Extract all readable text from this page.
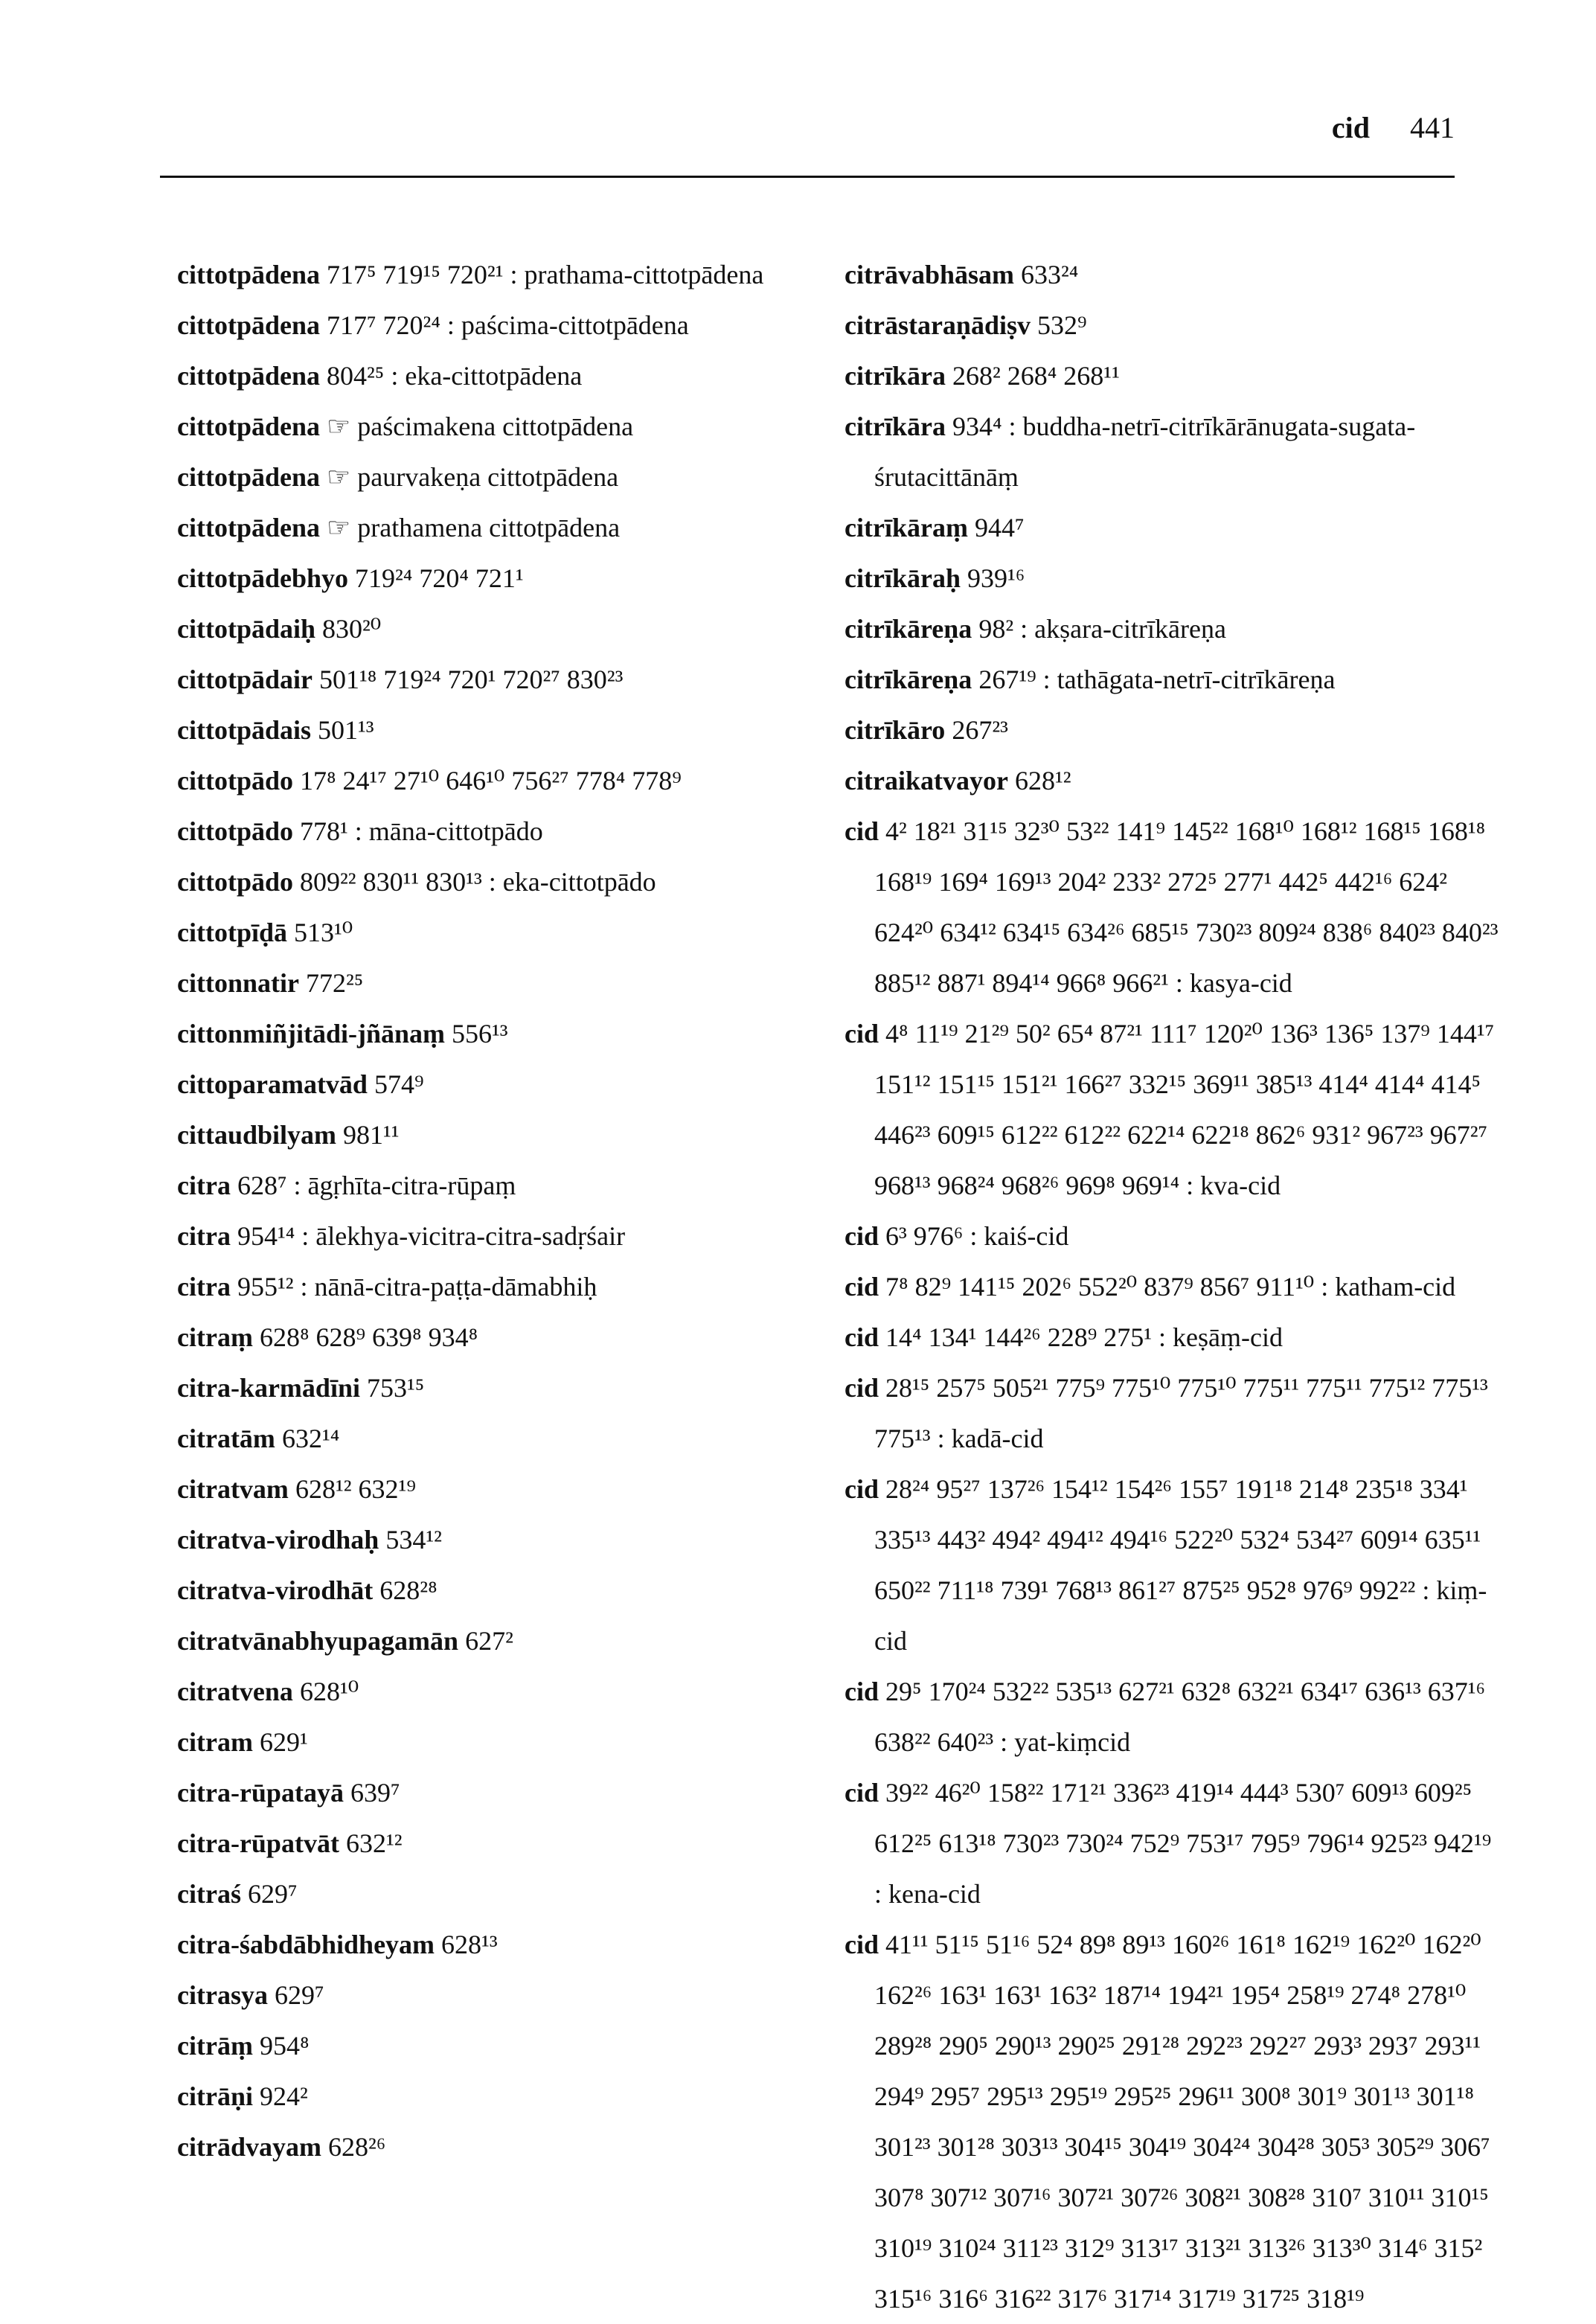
cid 441
cittotpādena 717⁵ 719¹⁵ 720²¹ : prathama-cittotpādena
cittotpādena 717⁷ 720²⁴ : paścima-cittotpādena
cittotpādena 804²⁵ : eka-cittotpādena
cittotpādena ☞ paścimakena cittotpādena
cittotpādena ☞ paurvakeṇa cittotpādena
cittotpādena ☞ prathamena cittotpādena
cittotpādebhyo 719²⁴ 720⁴ 721¹
cittotpādaiḥ 830²⁰
cittotpādair 501¹⁸ 719²⁴ 720¹ 720²⁷ 830²³
cittotpādais 501¹³
cittotpādo 17⁸ 24¹⁷ 27¹⁰ 646¹⁰ 756²⁷ 778⁴ 778⁹
cittotpādo 778¹ : māna-cittotpādo
cittotpādo 809²² 830¹¹ 830¹³ : eka-cittotpādo
cittotpīḍā 513¹⁰
cittonnatir 772²⁵
cittonmiñjitādi-jñānaṃ 556¹³
cittoparamatvād 574⁹
cittaudbilyam 981¹¹
citra 628⁷ : āgṛhīta-citra-rūpaṃ
citra 954¹⁴ : ālekhya-vicitra-citra-sadṛśair
citra 955¹² : nānā-citra-paṭṭa-dāmabhiḥ
citraṃ 628⁸ 628⁹ 639⁸ 934⁸
citra-karmādīni 753¹⁵
citratām 632¹⁴
citratvam 628¹² 632¹⁹
citratva-virodhaḥ 534¹²
citratva-virodhāt 628²⁸
citratvānabhyupagamān 627²
citratvena 628¹⁰
citram 629¹
citra-rūpatayā 639⁷
citra-rūpatvāt 632¹²
citraś 629⁷
citra-śabdābhidheyam 628¹³
citrasya 629⁷
citrāṃ 954⁸
citrāṇi 924²
citrādvayam 628²⁶
citrāvabhāsam 633²⁴
citrāstaraṇādiṣv 532⁹
citrīkāra 268² 268⁴ 268¹¹
citrīkāra 934⁴ : buddha-netrī-citrīkārānugata-sugata-śrutacittānāṃ
citrīkāraṃ 944⁷
citrīkāraḥ 939¹⁶
citrīkāreṇa 98² : akṣara-citrīkāreṇa
citrīkāreṇa 267¹⁹ : tathāgata-netrī-citrīkāreṇa
citrīkāro 267²³
citraikatvayor 628¹²
cid 4² 18²¹ 31¹⁵ 32³⁰ 53²² 141⁹ 145²² 168¹⁰ 168¹² 168¹⁵ 168¹⁸ 168¹⁹ 169⁴ 169¹³ 204² 233² 272⁵ 277¹ 442⁵ 442¹⁶ 624² 624²⁰ 634¹² 634¹⁵ 634²⁶ 685¹⁵ 730²³ 809²⁴ 838⁶ 840²³ 840²³ 885¹² 887¹ 894¹⁴ 966⁸ 966²¹ : kasya-cid
cid 4⁸ 11¹⁹ 21²⁹ 50² 65⁴ 87²¹ 111⁷ 120²⁰ 136³ 136⁵ 137⁹ 144¹⁷ 151¹² 151¹⁵ 151²¹ 166²⁷ 332¹⁵ 369¹¹ 385¹³ 414⁴ 414⁴ 414⁵ 446²³ 609¹⁵ 612²² 612²² 622¹⁴ 622¹⁸ 862⁶ 931² 967²³ 967²⁷ 968¹³ 968²⁴ 968²⁶ 969⁸ 969¹⁴ : kva-cid
cid 6³ 976⁶ : kaiś-cid
cid 7⁸ 82⁹ 141¹⁵ 202⁶ 552²⁰ 837⁹ 856⁷ 911¹⁰ : katham-cid
cid 14⁴ 134¹ 144²⁶ 228⁹ 275¹ : keṣāṃ-cid
cid 28¹⁵ 257⁵ 505²¹ 775⁹ 775¹⁰ 775¹⁰ 775¹¹ 775¹¹ 775¹² 775¹³ 775¹³ : kadā-cid
cid 28²⁴ 95²⁷ 137²⁶ 154¹² 154²⁶ 155⁷ 191¹⁸ 214⁸ 235¹⁸ 334¹ 335¹³ 443² 494² 494¹² 494¹⁶ 522²⁰ 532⁴ 534²⁷ 609¹⁴ 635¹¹ 650²² 711¹⁸ 739¹ 768¹³ 861²⁷ 875²⁵ 952⁸ 976⁹ 992²² : kiṃ-cid
cid 29⁵ 170²⁴ 532²² 535¹³ 627²¹ 632⁸ 632²¹ 634¹⁷ 636¹³ 637¹⁶ 638²² 640²³ : yat-kiṃcid
cid 39²² 46²⁰ 158²² 171²¹ 336²³ 419¹⁴ 444³ 530⁷ 609¹³ 609²⁵ 612²⁵ 613¹⁸ 730²³ 730²⁴ 752⁹ 753¹⁷ 795⁹ 796¹⁴ 925²³ 942¹⁹ : kena-cid
cid 41¹¹ 51¹⁵ 51¹⁶ 52⁴ 89⁸ 89¹³ 160²⁶ 161⁸ 162¹⁹ 162²⁰ 162²⁰ 162²⁶ 163¹ 163¹ 163² 187¹⁴ 194²¹ 195⁴ 258¹⁹ 274⁸ 278¹⁰ 289²⁸ 290⁵ 290¹³ 290²⁵ 291²⁸ 292²³ 292²⁷ 293³ 293⁷ 293¹¹ 294⁹ 295⁷ 295¹³ 295¹⁹ 295²⁵ 296¹¹ 300⁸ 301⁹ 301¹³ 301¹⁸ 301²³ 301²⁸ 303¹³ 304¹⁵ 304¹⁹ 304²⁴ 304²⁸ 305³ 305²⁹ 306⁷ 307⁸ 307¹² 307¹⁶ 307²¹ 307²⁶ 308²¹ 308²⁸ 310⁷ 310¹¹ 310¹⁵ 310¹⁹ 310²⁴ 311²³ 312⁹ 313¹⁷ 313²¹ 313²⁶ 313³⁰ 314⁶ 315² 315¹⁶ 316⁶ 316²² 317⁶ 317¹⁴ 317¹⁹ 317²⁵ 318¹⁹
